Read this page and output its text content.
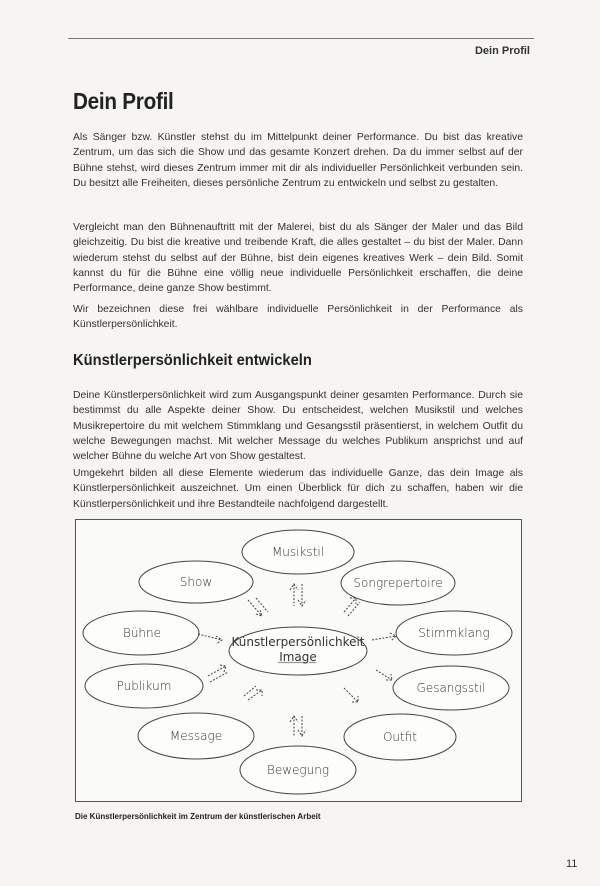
Dein Profil
Dein Profil
Als Sänger bzw. Künstler stehst du im Mittelpunkt deiner Performance. Du bist das kreative Zentrum, um das sich die Show und das gesamte Konzert drehen. Da du immer selbst auf der Bühne stehst, wird dieses Zentrum immer mit dir als individueller Persönlichkeit verbunden sein. Du besitzt alle Freiheiten, dieses persönliche Zentrum zu entwickeln und selbst zu gestalten.
Vergleicht man den Bühnenauftritt mit der Malerei, bist du als Sänger der Maler und das Bild gleichzeitig. Du bist die kreative und treibende Kraft, die alles gestaltet – du bist der Maler. Dann wiederum stehst du selbst auf der Bühne, bist dein eigenes kreatives Werk – dein Bild. Somit kannst du für die Bühne eine völlig neue individuelle Persönlichkeit erschaffen, die deine Performance, deine ganze Show bestimmt.
Wir bezeichnen diese frei wählbare individuelle Persönlichkeit in der Performance als Künstlerpersönlichkeit.
Künstlerpersönlichkeit entwickeln
Deine Künstlerpersönlichkeit wird zum Ausgangspunkt deiner gesamten Performance. Durch sie bestimmst du alle Aspekte deiner Show. Du entscheidest, welchen Musikstil und welches Musikrepertoire du mit welchem Stimmklang und Gesangsstil präsentierst, in welchem Outfit du welche Bewegungen machst. Mit welcher Message du welches Publikum ansprichst und auf welcher Bühne du welche Art von Show gestaltest.
Umgekehrt bilden all diese Elemente wiederum das individuelle Ganze, das dein Image als Künstlerpersönlichkeit auszeichnet. Um einen Überblick für dich zu schaffen, haben wir die Künstlerpersönlichkeit und ihre Bestandteile nachfolgend dargestellt.
Musikstil
Show	Songrepertoire
Bühne	Stimmklang
Publikum	Gesangsstil
Message	Outfit
Bewegung
Künstlerpersönlichkeit
Image
Die Künstlerpersönlichkeit im Zentrum der künstlerischen Arbeit
11
